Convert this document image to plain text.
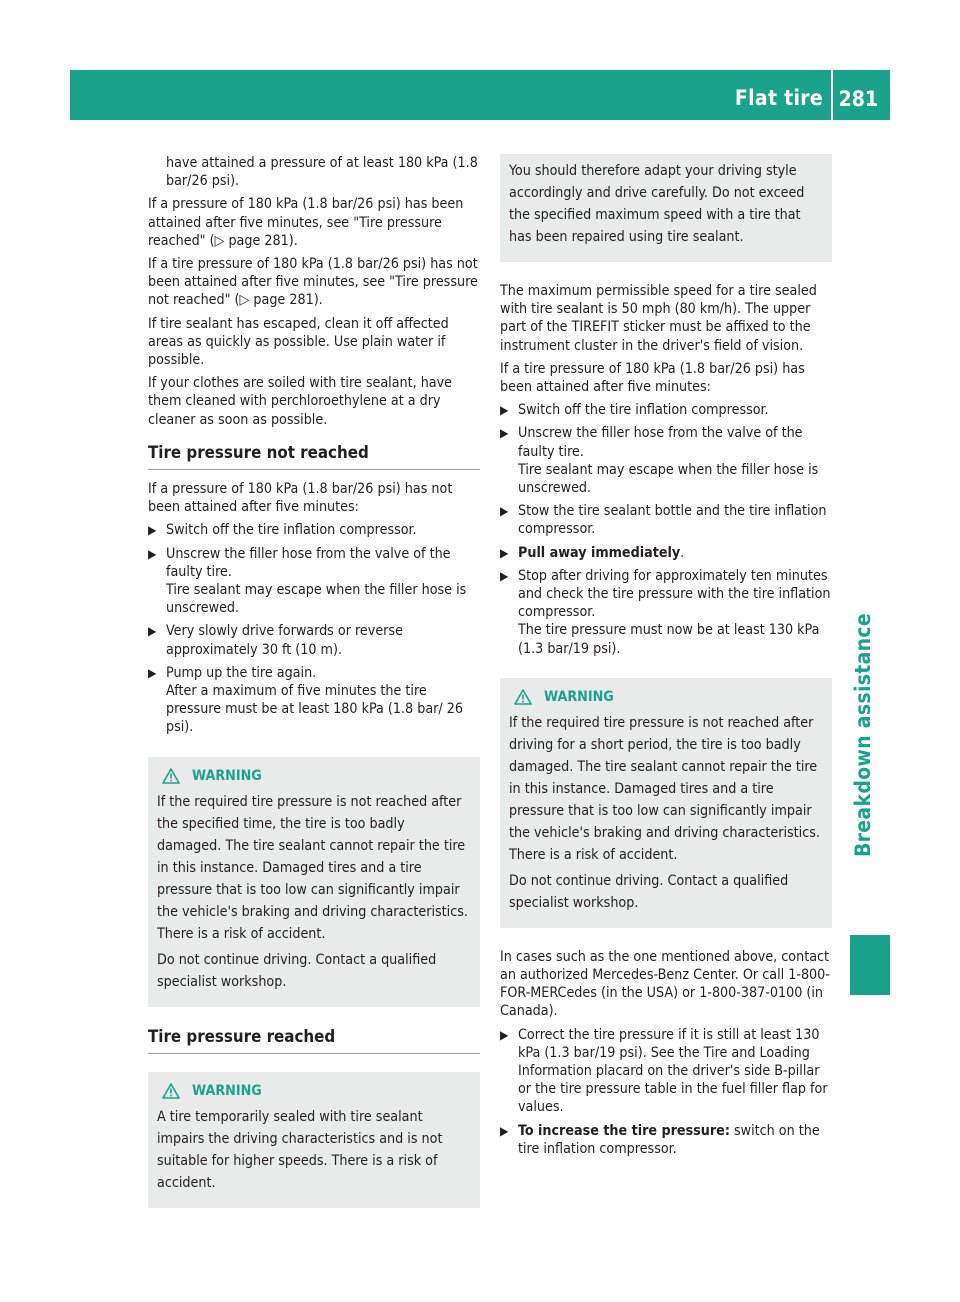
Flat tire 281
Breakdown assistance

have attained a pressure of at least 180 kPa (1.8 bar/26 psi).

If a pressure of 180 kPa (1.8 bar/26 psi) has been attained after five minutes, see "Tire pressure reached" (▷ page 281).

If a tire pressure of 180 kPa (1.8 bar/26 psi) has not been attained after five minutes, see "Tire pressure not reached" (▷ page 281).

If tire sealant has escaped, clean it off affected areas as quickly as possible. Use plain water if possible.

If your clothes are soiled with tire sealant, have them cleaned with perchloroethylene at a dry cleaner as soon as possible.

Tire pressure not reached

If a pressure of 180 kPa (1.8 bar/26 psi) has not been attained after five minutes:

▶ Switch off the tire inflation compressor.
▶ Unscrew the filler hose from the valve of the faulty tire.
Tire sealant may escape when the filler hose is unscrewed.
▶ Very slowly drive forwards or reverse approximately 30 ft (10 m).
▶ Pump up the tire again.
After a maximum of five minutes the tire pressure must be at least 180 kPa (1.8 bar/ 26 psi).
WARNING

If the required tire pressure is not reached after the specified time, the tire is too badly damaged. The tire sealant cannot repair the tire in this instance. Damaged tires and a tire pressure that is too low can significantly impair the vehicle's braking and driving characteristics. There is a risk of accident.

Do not continue driving. Contact a qualified specialist workshop.

Tire pressure reached
WARNING

A tire temporarily sealed with tire sealant impairs the driving characteristics and is not suitable for higher speeds. There is a risk of accident.

You should therefore adapt your driving style accordingly and drive carefully. Do not exceed the specified maximum speed with a tire that has been repaired using tire sealant.

The maximum permissible speed for a tire sealed with tire sealant is 50 mph (80 km/h). The upper part of the TIREFIT sticker must be affixed to the instrument cluster in the driver's field of vision.

If a tire pressure of 180 kPa (1.8 bar/26 psi) has been attained after five minutes:

▶ Switch off the tire inflation compressor.
▶ Unscrew the filler hose from the valve of the faulty tire.
Tire sealant may escape when the filler hose is unscrewed.
▶ Stow the tire sealant bottle and the tire inflation compressor.
▶ Pull away immediately.
▶ Stop after driving for approximately ten minutes and check the tire pressure with the tire inflation compressor.
The tire pressure must now be at least 130 kPa (1.3 bar/19 psi).
WARNING

If the required tire pressure is not reached after driving for a short period, the tire is too badly damaged. The tire sealant cannot repair the tire in this instance. Damaged tires and a tire pressure that is too low can significantly impair the vehicle's braking and driving characteristics. There is a risk of accident.

Do not continue driving. Contact a qualified specialist workshop.

In cases such as the one mentioned above, contact an authorized Mercedes-Benz Center. Or call 1-800-FOR-MERCedes (in the USA) or 1-800-387-0100 (in Canada).

▶ Correct the tire pressure if it is still at least 130 kPa (1.3 bar/19 psi). See the Tire and Loading Information placard on the driver's side B-pillar or the tire pressure table in the fuel filler flap for values.
▶ To increase the tire pressure: switch on the tire inflation compressor.
